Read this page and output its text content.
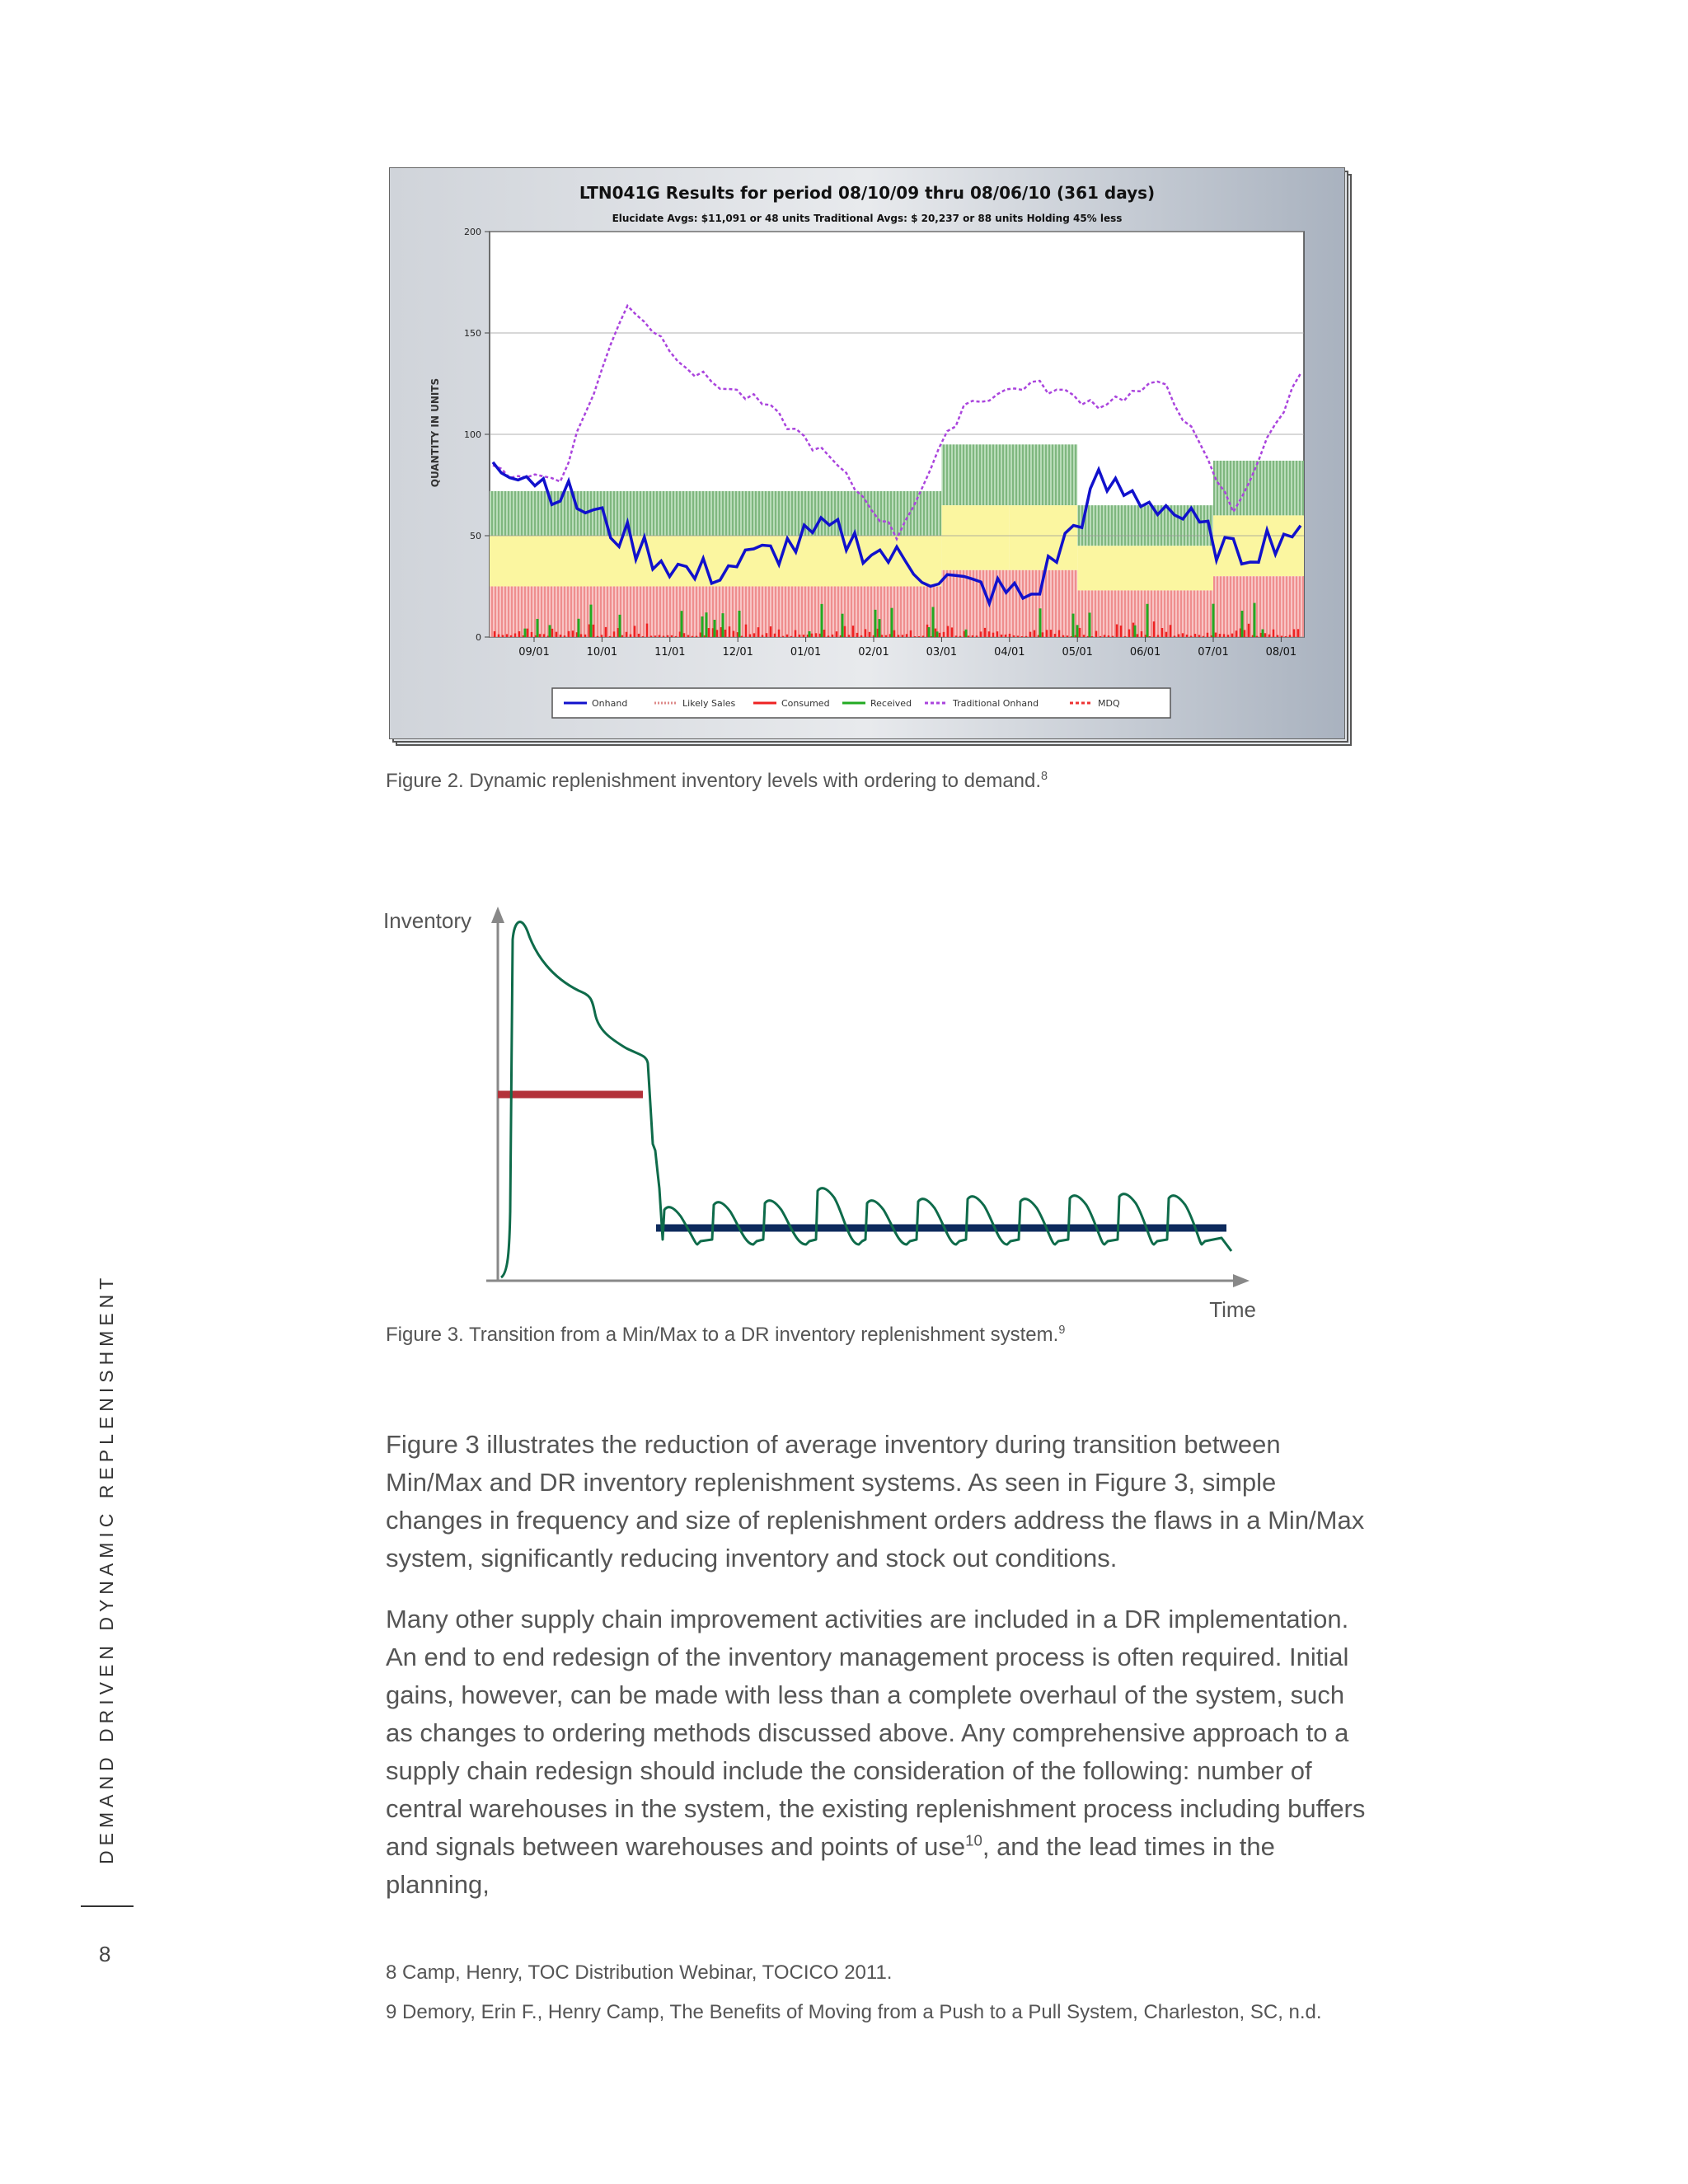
LTN041G Results for period 08/10/09 thru 08/06/10 (361 days)
Elucidate Avgs: $11,091 or 48 units Traditional Avgs: $ 20,237 or 88 units Holding 45% less
QUANTITY IN UNITS
200
150
100
50
0
09/01	10/01	11/01	12/01	01/01	02/01	03/01	04/01	05/01	06/01	07/01	08/01
Onhand	Likely Sales	Consumed	Received	Traditional Onhand	MDQ
Figure 2. Dynamic replenishment inventory levels with ordering to demand.$^8$
Inventory
Time
Figure 3. Transition from a Min/Max to a DR inventory replenishment system.$^9$
DEMAND DRIVEN DYNAMIC REPLENISHMENT
8

Figure 3 illustrates the reduction of average inventory during transition between Min/Max and DR inventory replenishment systems. As seen in Figure 3, simple changes in frequency and size of replenishment orders address the flaws in a Min/Max system, significantly reducing inventory and stock out conditions.

Many other supply chain improvement activities are included in a DR implementation. An end to end redesign of the inventory management process is often required. Initial gains, however, can be made with less than a complete overhaul of the system, such as changes to ordering methods discussed above. Any comprehensive approach to a supply chain redesign should include the consideration of the following: number of central warehouses in the system, the existing replenishment process including buffers and signals between warehouses and points of use$^{10}$, and the lead times in the planning,

8 Camp, Henry, TOC Distribution Webinar, TOCICO 2011.
9 Demory, Erin F., Henry Camp, The Benefits of Moving from a Push to a Pull System, Charleston, SC, n.d.
